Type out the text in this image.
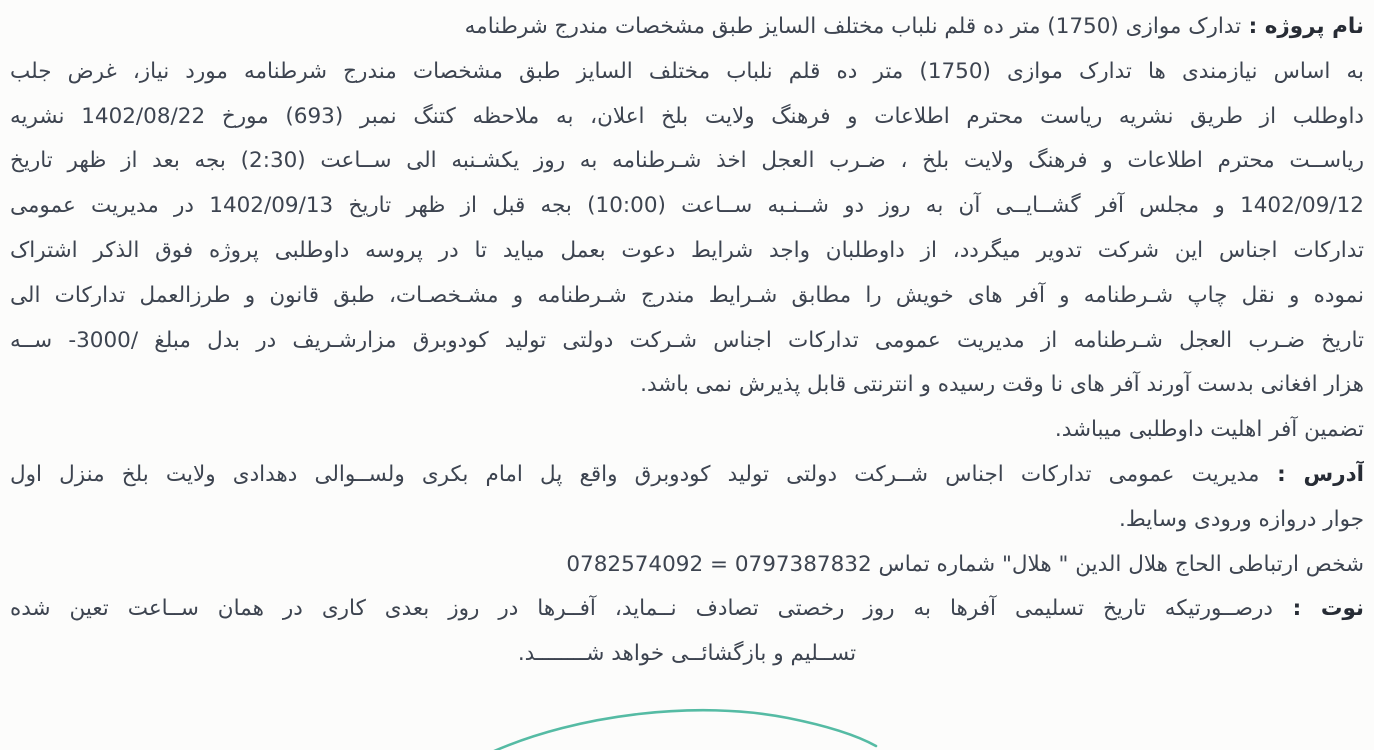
نام پروژه : تدارک موازی (1750) متر ده قلم نلباب مختلف السایز طبق مشخصات مندرج شرطنامه
به اساس نیازمندی ها تدارک موازی (1750) متر ده قلم نلباب مختلف السایز طبق مشخصات مندرج شرطنامه مورد نیاز، غرض جلب
داوطلب از طریق نشریه ریاست محترم اطلاعات و فرهنگ ولایت بلخ اعلان، به ملاحظه کتنگ نمبر (693) مورخ 1402/08/22 نشریه
ریاســت محترم اطلاعات و فرهنگ ولایت بلخ ، ضـرب العجل اخذ شـرطنامه به روز یکشـنبه الی ســاعت (2:30) بجه بعد از ظهر تاریخ
1402/09/12 و مجلس آفر گشــایــی آن به روز دو شــنـبه ســاعت (10:00) بجه قبل از ظهر تاریخ 1402/09/13 در مدیریت عمومی
تدارکات اجناس این شرکت تدویر میگردد، از داوطلبان واجد شرایط دعوت بعمل میاید تا در پروسه داوطلبی پروژه فوق الذکر اشتراک
نموده و نقل چاپ شـرطنامه و آفر های خویش را مطابق شـرایط مندرج شـرطنامه و مشـخصـات، طبق قانون و طرزالعمل تدارکات الی
تاریخ ضـرب العجل شـرطنامه از مدیریت عمومی تدارکات اجناس شـرکت دولتی تولید کودوبرق مزارشـریف در بدل مبلغ /3000- ســه
هزار افغانی بدست آورند آفر های نا وقت رسیده و انترنتی قابل پذیرش نمی باشد.
تضمین آفر اهلیت داوطلبی میباشد.
آدرس : مدیریت عمومی تدارکات اجناس شــرکت دولتی تولید کودوبرق واقع پل امام بکری ولســوالی دهدادی ولایت بلخ منزل اول
جوار دروازه ورودی وسایط.
شخص ارتباطی الحاج هلال الدین " هلال" شماره تماس 0797387832 = 0782574092
نوت : درصــورتیکه تاریخ تسلیمی آفرها به روز رخصتی تصادف نــماید، آفــرها در روز بعدی کاری در همان ســاعت تعین شده
تســلیم و بازگشائــی خواهد شــــــــد.
